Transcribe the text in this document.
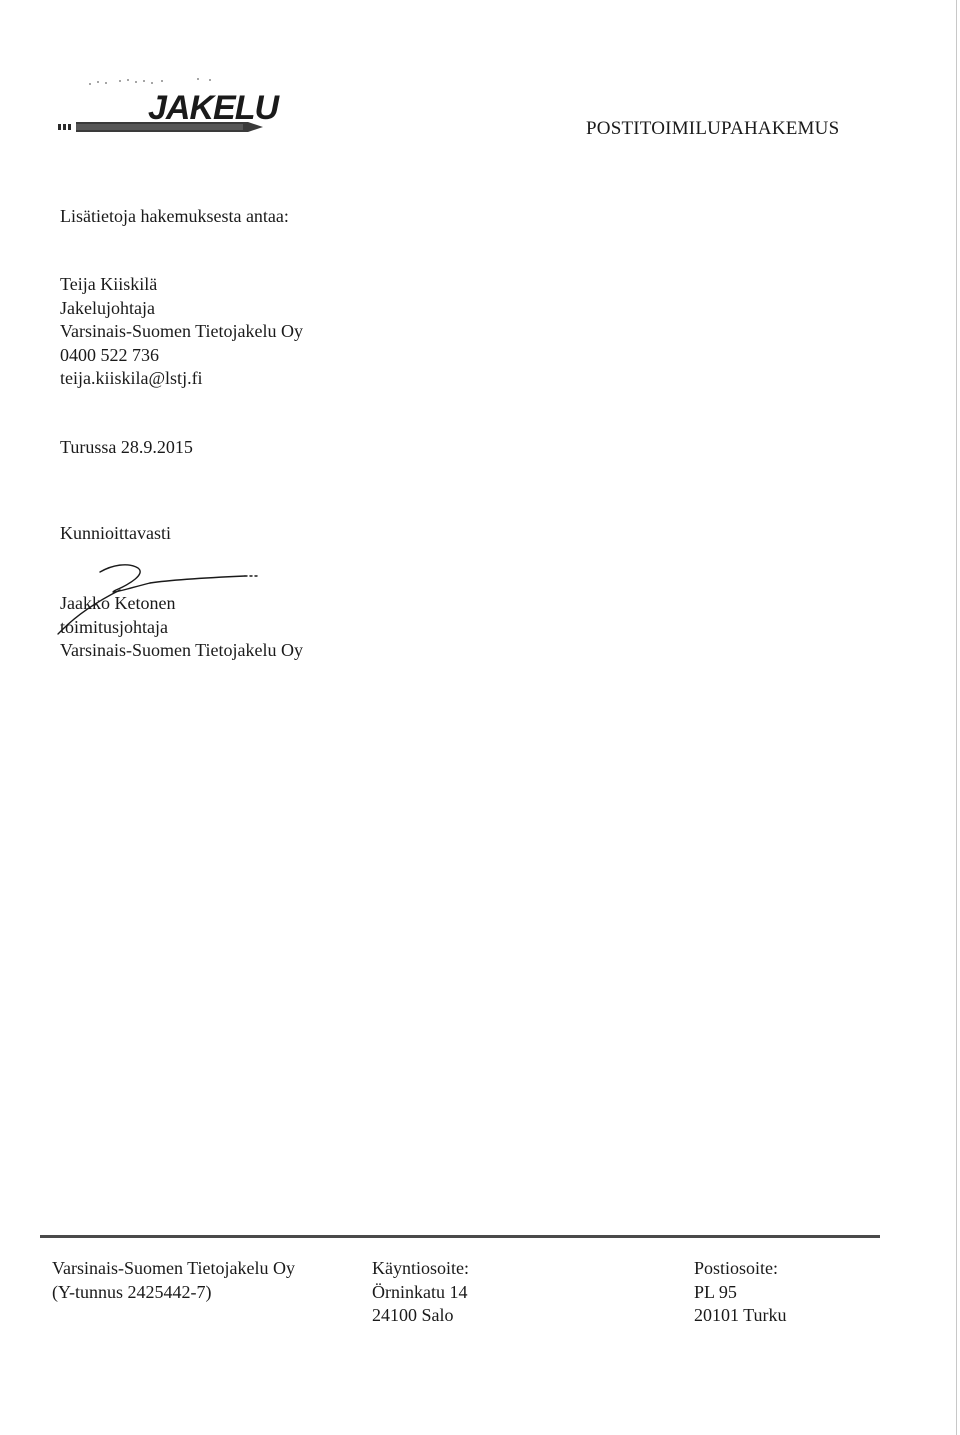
JAKELU
POSTITOIMILUPAHAKEMUS
Lisätietoja hakemuksesta antaa:
Teija Kiiskilä
Jakelujohtaja
Varsinais-Suomen Tietojakelu Oy
0400 522 736
teija.kiiskila@lstj.fi
Turussa 28.9.2015
Kunnioittavasti
Jaakko Ketonen
toimitusjohtaja
Varsinais-Suomen Tietojakelu Oy
Varsinais-Suomen Tietojakelu Oy
(Y-tunnus 2425442-7)
Käyntiosoite:
Örninkatu 14
24100 Salo
Postiosoite:
PL 95
20101 Turku
